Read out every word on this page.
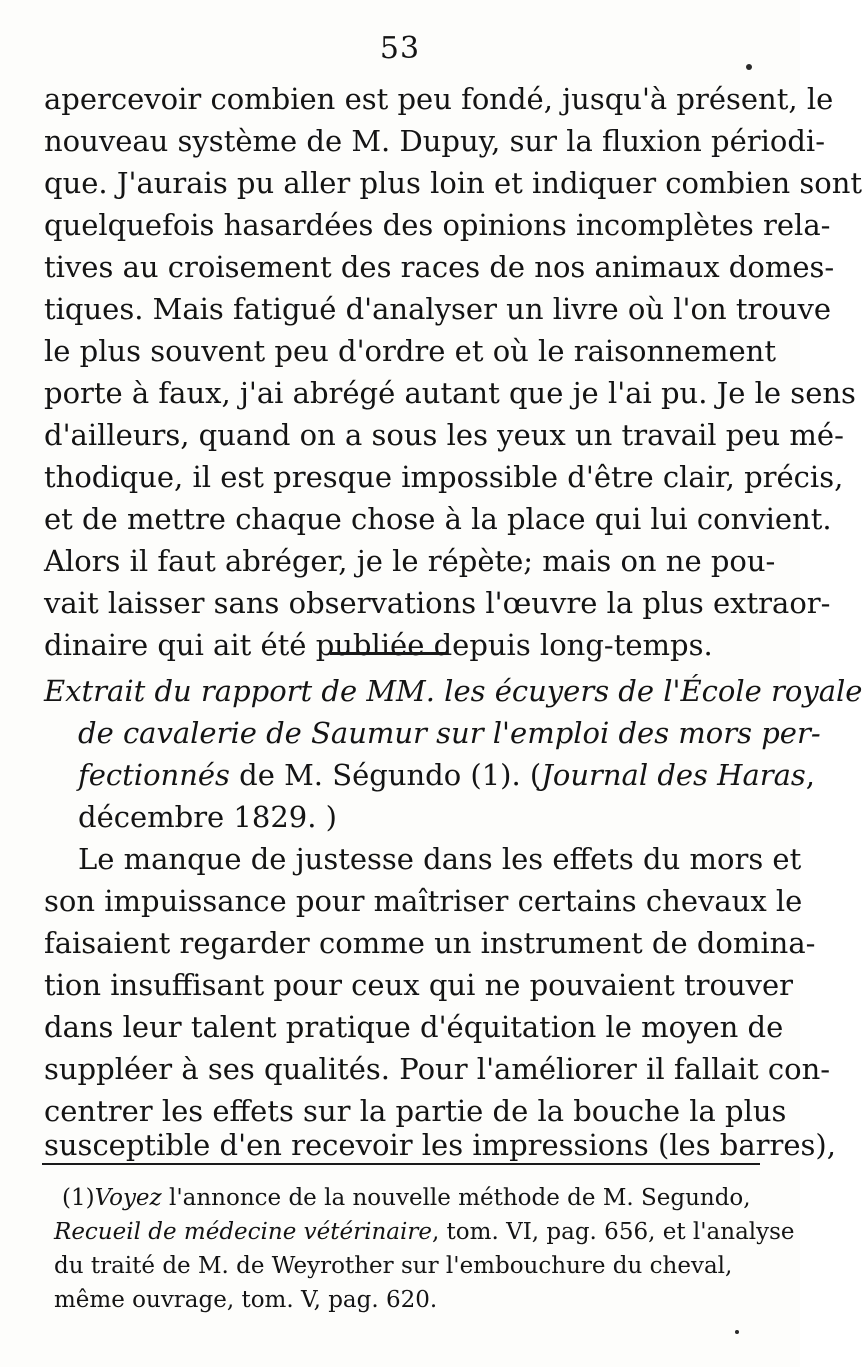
53
apercevoir combien est peu fondé, jusqu'à présent, le
nouveau système de M. Dupuy, sur la fluxion périodi-
que. J'aurais pu aller plus loin et indiquer combien sont
quelquefois hasardées des opinions incomplètes rela-
tives au croisement des races de nos animaux domes-
tiques. Mais fatigué d'analyser un livre où l'on trouve
le plus souvent peu d'ordre et où le raisonnement
porte à faux, j'ai abrégé autant que je l'ai pu. Je le sens
d'ailleurs, quand on a sous les yeux un travail peu mé-
thodique, il est presque impossible d'être clair, précis,
et de mettre chaque chose à la place qui lui convient.
Alors il faut abréger, je le répète; mais on ne pou-
vait laisser sans observations l'œuvre la plus extraor-
dinaire qui ait été publiée depuis long-temps.
Extrait du rapport de MM. les écuyers de l'École royale
de cavalerie de Saumur sur l'emploi des mors per-
fectionnés de M. Ségundo (1). (Journal des Haras,
décembre 1829. )
Le manque de justesse dans les effets du mors et
son impuissance pour maîtriser certains chevaux le
faisaient regarder comme un instrument de domina-
tion insuffisant pour ceux qui ne pouvaient trouver
dans leur talent pratique d'équitation le moyen de
suppléer à ses qualités. Pour l'améliorer il fallait con-
centrer les effets sur la partie de la bouche la plus
susceptible d'en recevoir les impressions (les barres),
(1)Voyez l'annonce de la nouvelle méthode de M. Segundo,
Recueil de médecine vétérinaire, tom. VI, pag. 656, et l'analyse
du traité de M. de Weyrother sur l'embouchure du cheval,
même ouvrage, tom. V, pag. 620.
